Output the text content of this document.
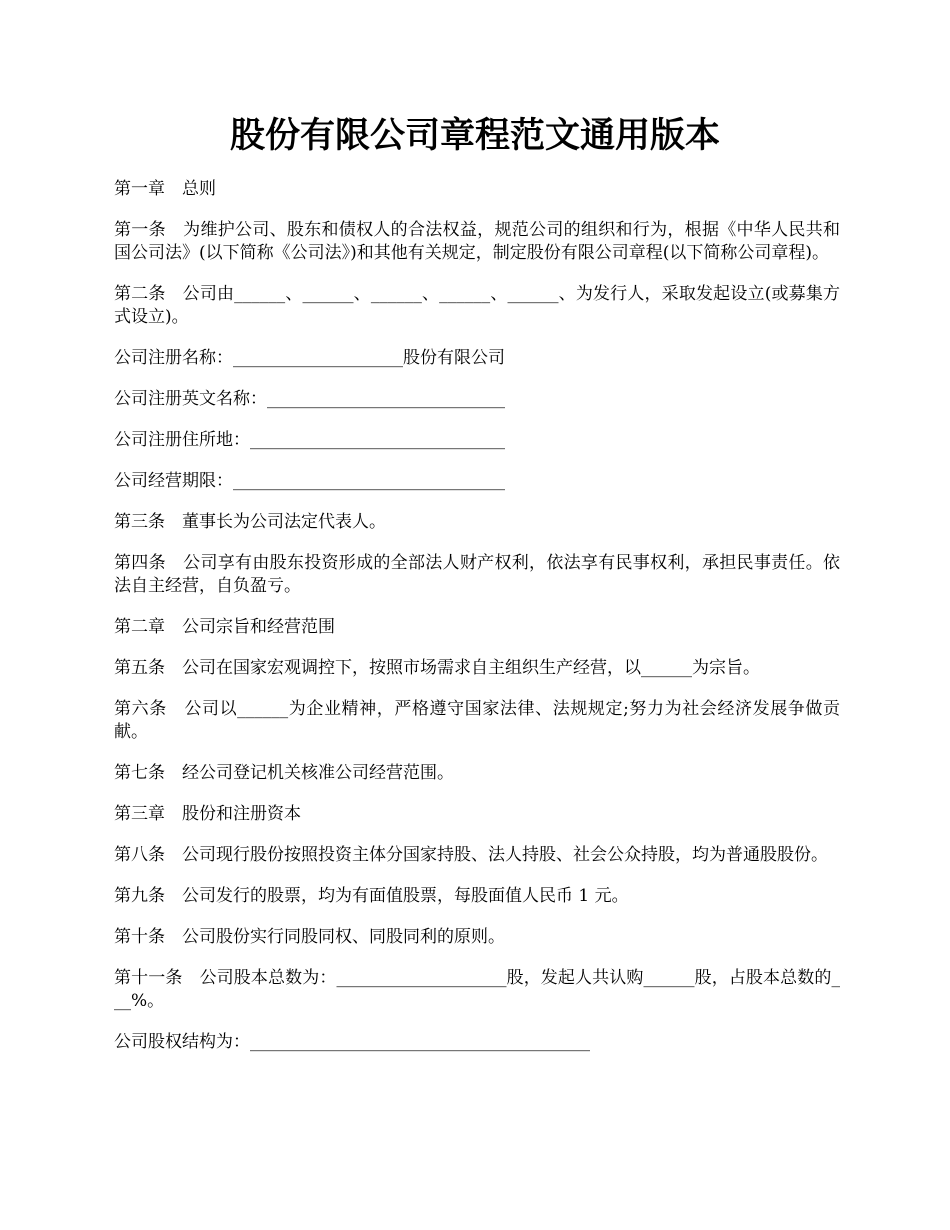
股份有限公司章程范文通用版本

第一章　总则

第一条　为维护公司、股东和债权人的合法权益，规范公司的组织和行为，根据《中华人民共和国公司法》(以下简称《公司法》)和其他有关规定，制定股份有限公司章程(以下简称公司章程)。

第二条　公司由______、______、______、______、______、为发行人，采取发起设立(或募集方式设立)。

公司注册名称：____________________股份有限公司

公司注册英文名称：____________________________

公司注册住所地：______________________________

公司经营期限：________________________________

第三条　董事长为公司法定代表人。

第四条　公司享有由股东投资形成的全部法人财产权利，依法享有民事权利，承担民事责任。依法自主经营，自负盈亏。

第二章　公司宗旨和经营范围

第五条　公司在国家宏观调控下，按照市场需求自主组织生产经营，以______为宗旨。

第六条　公司以______为企业精神，严格遵守国家法律、法规规定;努力为社会经济发展争做贡献。

第七条　经公司登记机关核准公司经营范围。

第三章　股份和注册资本

第八条　公司现行股份按照投资主体分国家持股、法人持股、社会公众持股，均为普通股股份。

第九条　公司发行的股票，均为有面值股票，每股面值人民币 1 元。

第十条　公司股份实行同股同权、同股同利的原则。

第十一条　公司股本总数为：____________________股，发起人共认购______股，占股本总数的___%。

公司股权结构为：________________________________________
